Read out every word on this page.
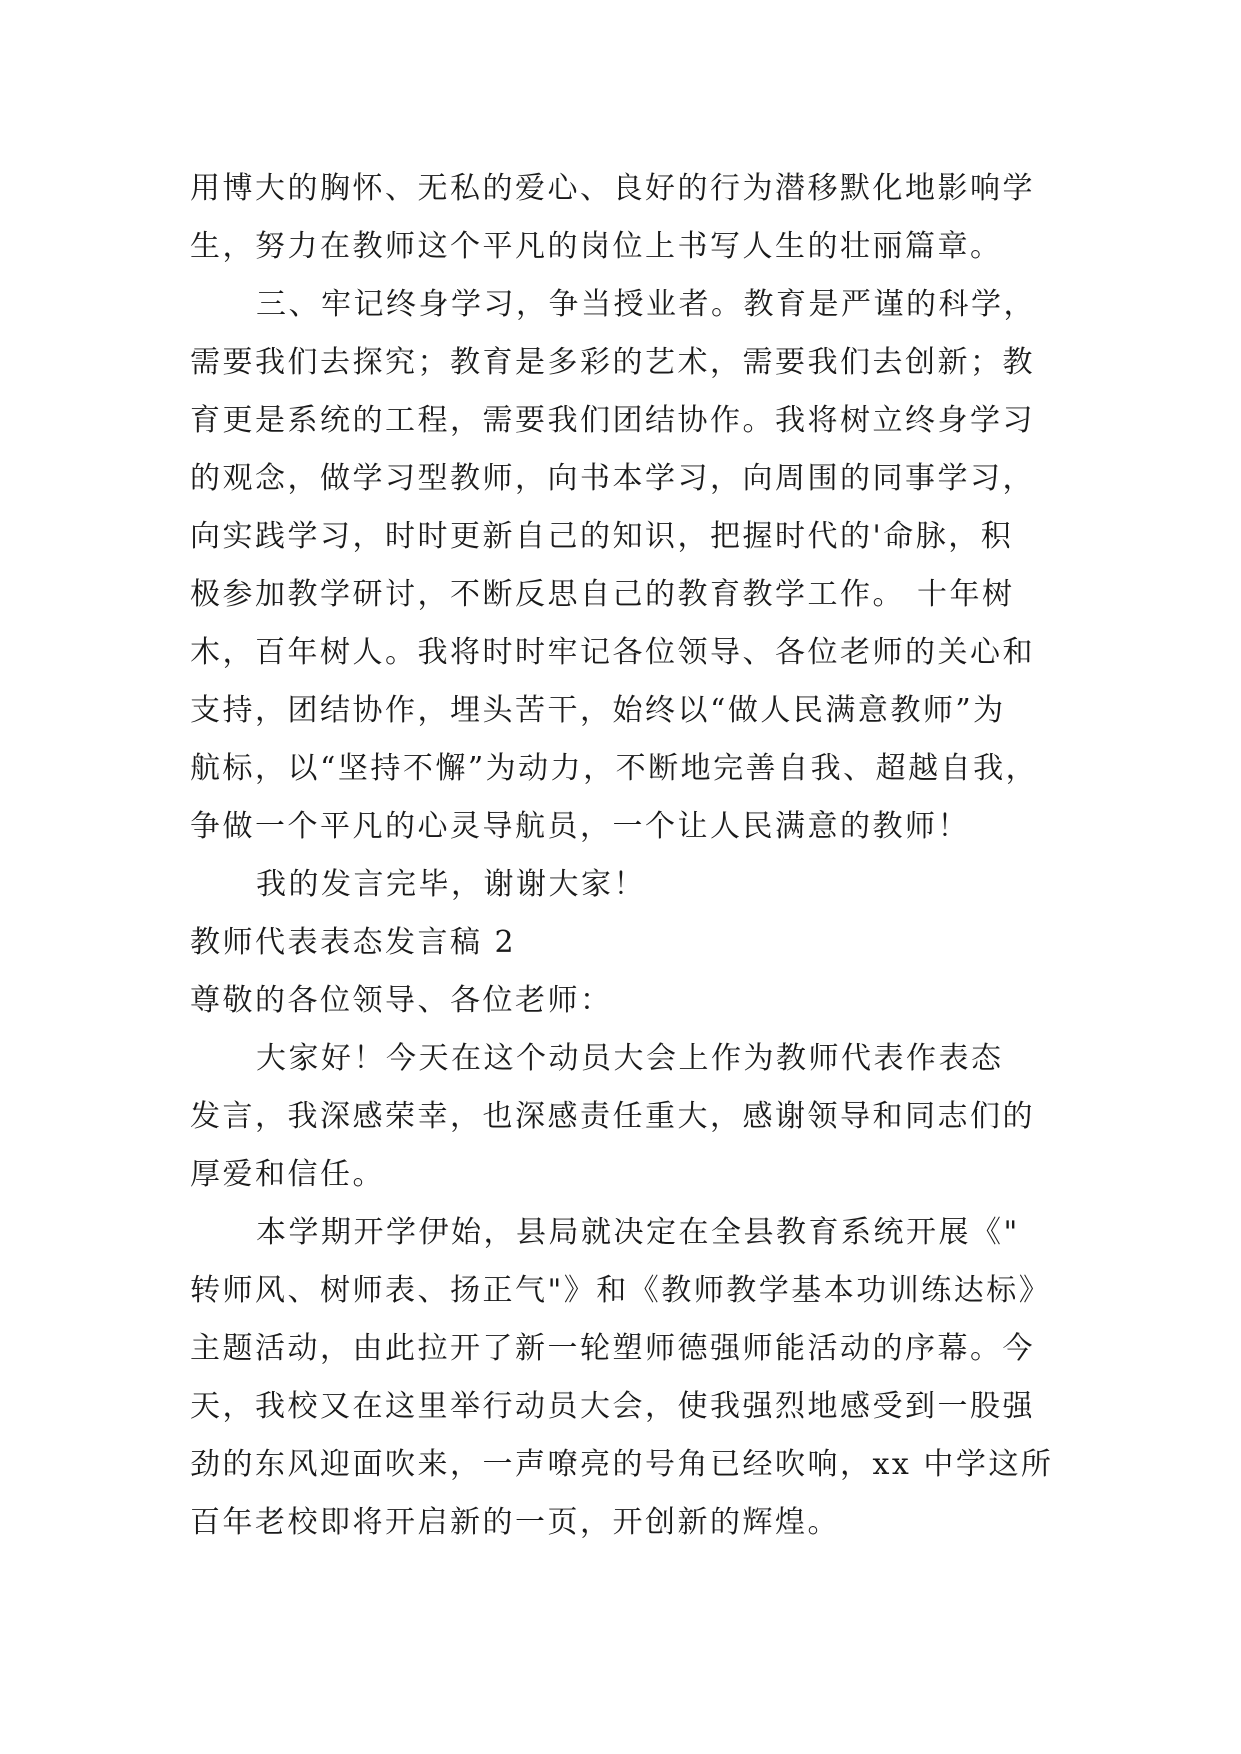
用博大的胸怀、无私的爱心、良好的行为潜移默化地影响学
生，努力在教师这个平凡的岗位上书写人生的壮丽篇章。
三、牢记终身学习，争当授业者。教育是严谨的科学，
需要我们去探究；教育是多彩的艺术，需要我们去创新；教
育更是系统的工程，需要我们团结协作。我将树立终身学习
的观念，做学习型教师，向书本学习，向周围的同事学习，
向实践学习，时时更新自己的知识，把握时代的'命脉，积
极参加教学研讨，不断反思自己的教育教学工作。 十年树
木，百年树人。我将时时牢记各位领导、各位老师的关心和
支持，团结协作，埋头苦干，始终以“做人民满意教师”为
航标，以“坚持不懈”为动力，不断地完善自我、超越自我，
争做一个平凡的心灵导航员，一个让人民满意的教师！
我的发言完毕，谢谢大家！
教师代表表态发言稿 2
尊敬的各位领导、各位老师：
大家好！今天在这个动员大会上作为教师代表作表态
发言，我深感荣幸，也深感责任重大，感谢领导和同志们的
厚爱和信任。
本学期开学伊始，县局就决定在全县教育系统开展《"
转师风、树师表、扬正气"》和《教师教学基本功训练达标》
主题活动，由此拉开了新一轮塑师德强师能活动的序幕。今
天，我校又在这里举行动员大会，使我强烈地感受到一股强
劲的东风迎面吹来，一声嘹亮的号角已经吹响，xx 中学这所
百年老校即将开启新的一页，开创新的辉煌。
